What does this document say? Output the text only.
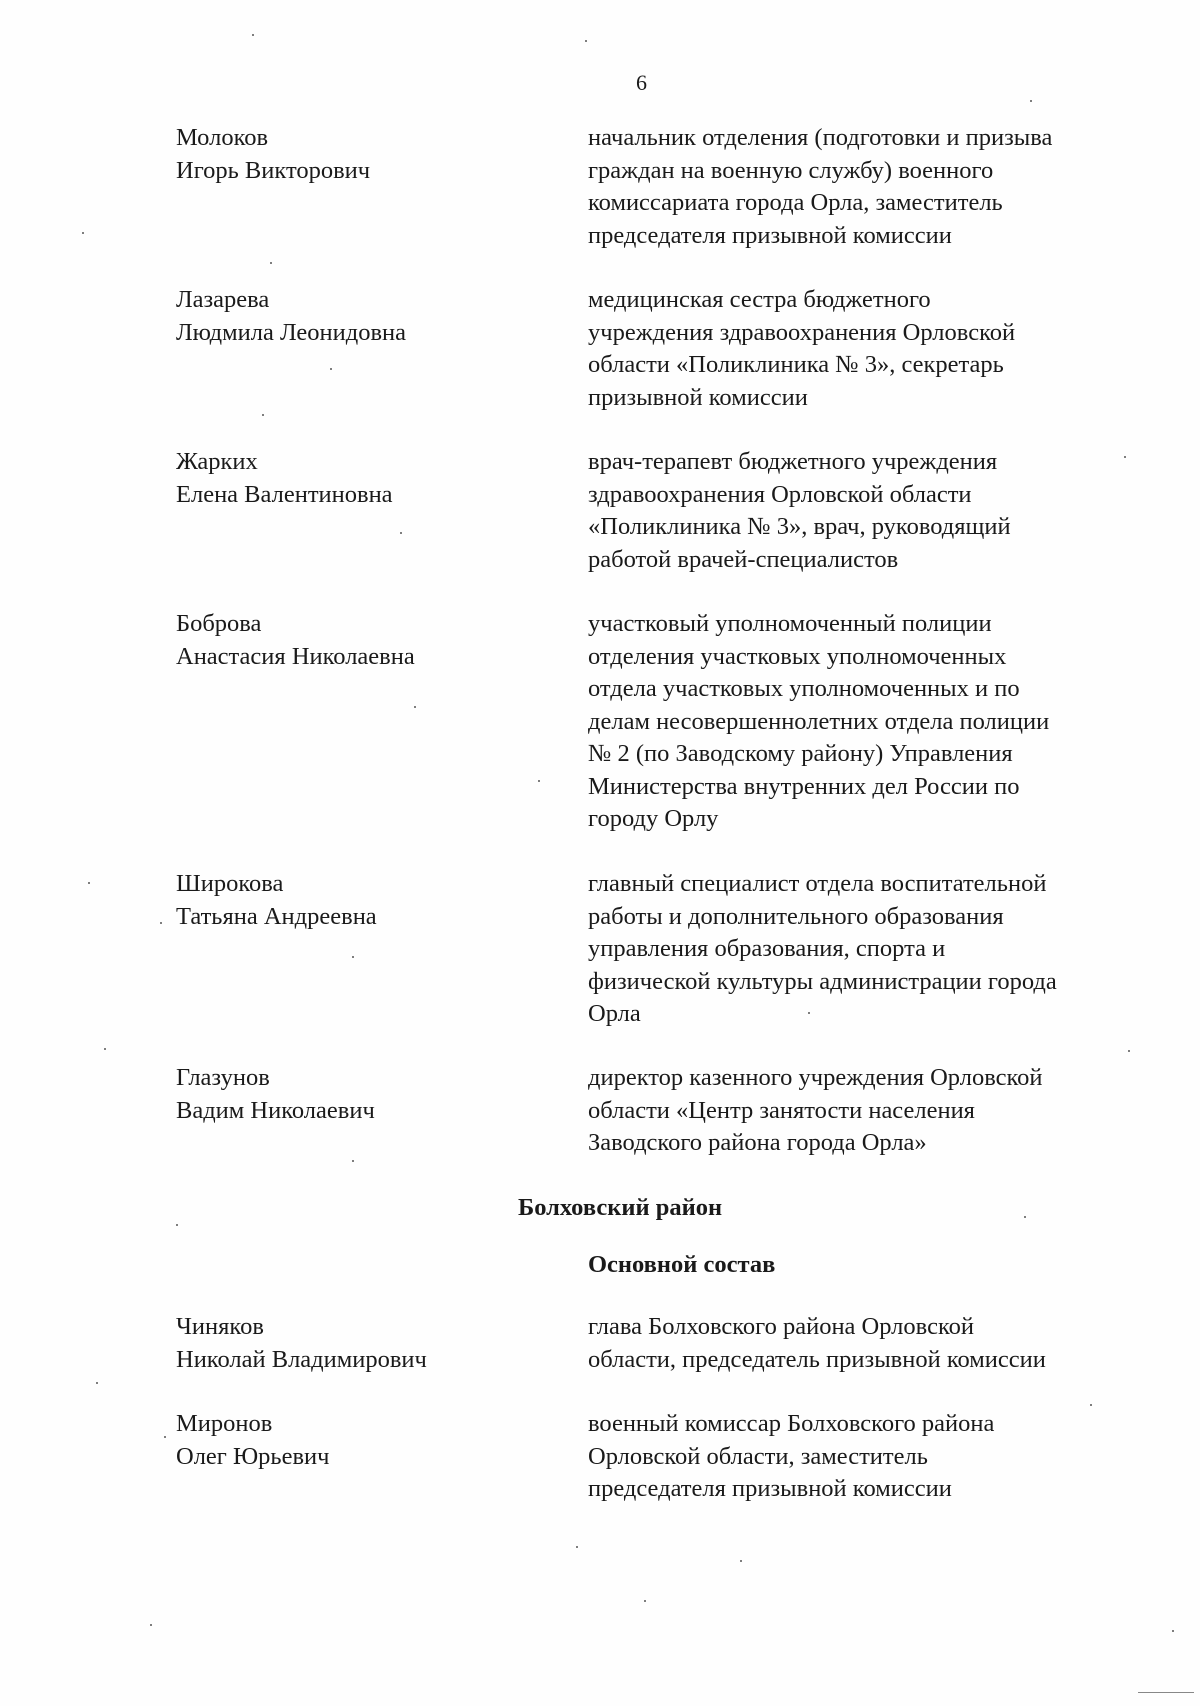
6
Молоков
Игорь Викторович
начальник отделения (подготовки и призыва
граждан на военную службу) военного
комиссариата города Орла, заместитель
председателя призывной комиссии
Лазарева
Людмила Леонидовна
медицинская сестра бюджетного
учреждения здравоохранения Орловской
области «Поликлиника № 3», секретарь
призывной комиссии
Жарких
Елена Валентиновна
врач-терапевт бюджетного учреждения
здравоохранения Орловской области
«Поликлиника № 3», врач, руководящий
работой врачей-специалистов
Боброва
Анастасия Николаевна
участковый уполномоченный полиции
отделения участковых уполномоченных
отдела участковых уполномоченных и по
делам несовершеннолетних отдела полиции
№ 2 (по Заводскому району) Управления
Министерства внутренних дел России по
городу Орлу
Широкова
Татьяна Андреевна
главный специалист отдела воспитательной
работы и дополнительного образования
управления образования, спорта и
физической культуры администрации города
Орла
Глазунов
Вадим Николаевич
директор казенного учреждения Орловской
области «Центр занятости населения
Заводского района города Орла»
Болховский район
Основной состав
Чиняков
Николай Владимирович
глава Болховского района Орловской
области, председатель призывной комиссии
Миронов
Олег Юрьевич
военный комиссар Болховского района
Орловской области, заместитель
председателя призывной комиссии
